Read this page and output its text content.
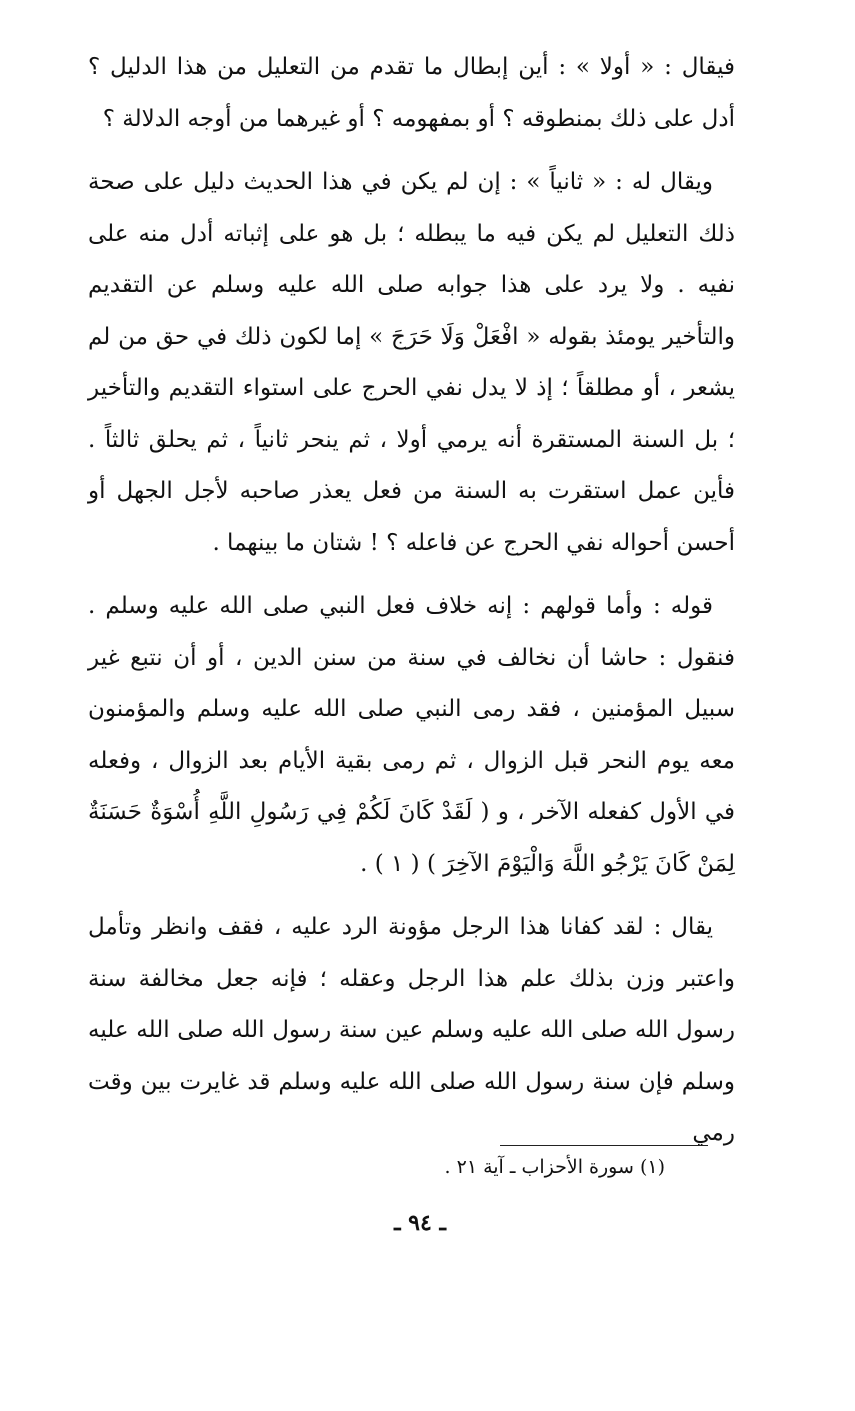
فيقال : « أولا » : أين إبطال ما تقدم من التعليل من هذا الدليل ؟ أدل على ذلك بمنطوقه ؟ أو بمفهومه ؟ أو غيرهما من أوجه الدلالة ؟

ويقال له : « ثانياً » : إن لم يكن في هذا الحديث دليل على صحة ذلك التعليل لم يكن فيه ما يبطله ؛ بل هو على إثباته أدل منه على نفيه . ولا يرد على هذا جوابه صلى الله عليه وسلم عن التقديم والتأخير يومئذ بقوله « افْعَلْ وَلَا حَرَجَ » إما لكون ذلك في حق من لم يشعر ، أو مطلقاً ؛ إذ لا يدل نفي الحرج على استواء التقديم والتأخير ؛ بل السنة المستقرة أنه يرمي أولا ، ثم ينحر ثانياً ، ثم يحلق ثالثاً . فأين عمل استقرت به السنة من فعل يعذر صاحبه لأجل الجهل أو أحسن أحواله نفي الحرج عن فاعله ؟ ! شتان ما بينهما .

قوله : وأما قولهم : إنه خلاف فعل النبي صلى الله عليه وسلم . فنقول : حاشا أن نخالف في سنة من سنن الدين ، أو أن نتبع غير سبيل المؤمنين ، فقد رمى النبي صلى الله عليه وسلم والمؤمنون معه يوم النحر قبل الزوال ، ثم رمى بقية الأيام بعد الزوال ، وفعله في الأول كفعله الآخر ، و ( لَقَدْ كَانَ لَكُمْ فِي رَسُولِ اللَّهِ أُسْوَةٌ حَسَنَةٌ لِمَنْ كَانَ يَرْجُو اللَّهَ وَالْيَوْمَ الآخِرَ ) ( ١ ) .

يقال : لقد كفانا هذا الرجل مؤونة الرد عليه ، فقف وانظر وتأمل واعتبر وزن بذلك علم هذا الرجل وعقله ؛ فإنه جعل مخالفة سنة رسول الله صلى الله عليه وسلم عين سنة رسول الله صلى الله عليه وسلم فإن سنة رسول الله صلى الله عليه وسلم قد غايرت بين وقت رمي

(١) سورة الأحزاب ـ آية ٢١ .
ـ ٩٤ ـ
